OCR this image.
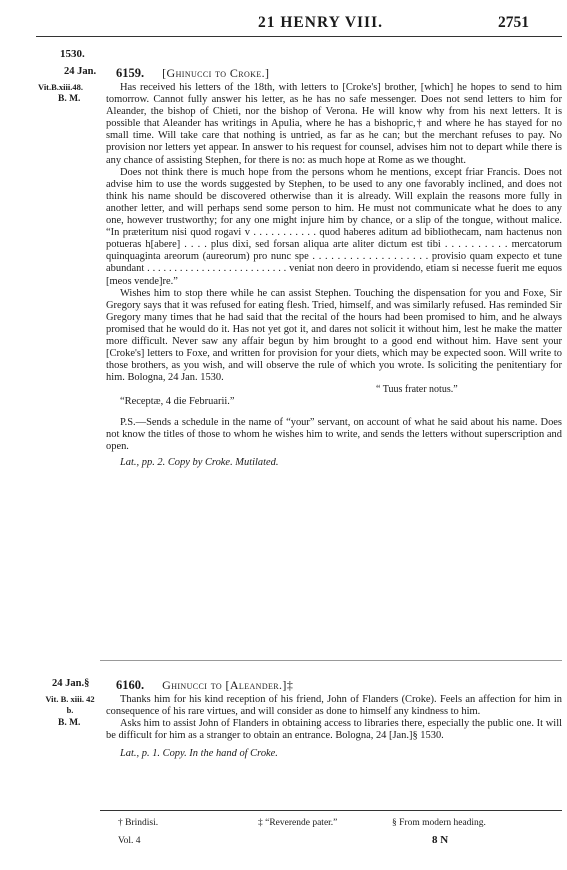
21 HENRY VIII.	2751
1530.
24 Jan.
Vit.B.xiii.48.
B. M.
6159. [Ghinucci to Croke.]

Has received his letters of the 18th, with letters to [Croke's] brother, [which] he hopes to send to him tomorrow. Cannot fully answer his letter, as he has no safe messenger. Does not send letters to him for Aleander, the bishop of Chieti, nor the bishop of Verona. He will know why from his next letters. It is possible that Aleander has writings in Apulia, where he has a bishopric,† and where he has stayed for no small time. Will take care that nothing is untried, as far as he can; but the merchant refuses to pay. No provision nor letters yet appear. In answer to his request for counsel, advises him not to depart while there is any chance of assisting Stephen, for there is no: as much hope at Rome as we thought.

Does not think there is much hope from the persons whom he mentions, except friar Francis. Does not advise him to use the words suggested by Stephen, to be used to any one favorably inclined, and does not think his name should be discovered otherwise than it is already. Will explain the reasons more fully in another letter, and will perhaps send some person to him. He must not communicate what he does to any one, however trustworthy; for any one might injure him by chance, or a slip of the tongue, without malice. “In præteritum nisi quod rogavi v . . . . . . . . . . . quod haberes aditum ad bibliothecam, nam hactenus non potueras h[abere] . . . . plus dixi, sed forsan aliqua arte aliter dictum est tibi . . . . . . . . . . mercatorum quinquaginta areorum (aureorum) pro nunc spe . . . . . . . . . . . . . . . . . . . provisio quam expecto et tune abundant . . . . . . . . . . . . . . . . . . . . . . . . . . veniat non deero in providendo, etiam si necesse fuerit me equos [meos vende]re.”

Wishes him to stop there while he can assist Stephen. Touching the dispensation for you and Foxe, Sir Gregory says that it was refused for eating flesh. Tried, himself, and was similarly refused. Has reminded Sir Gregory many times that he had said that the recital of the hours had been promised to him, and he always promised that he would do it. Has not yet got it, and dares not solicit it without him, lest he make the matter more difficult. Never saw any affair begun by him brought to a good end without him. Have sent your [Croke's] letters to Foxe, and written for provision for your diets, which may be expected soon. Will write to those brothers, as you wish, and will observe the rule of which you wrote. Is soliciting the penitentiary for him. Bologna, 24 Jan. 1530.

“ Tuus frater notus.”

“Receptæ, 4 die Februarii.”

P.S.—Sends a schedule in the name of “your” servant, on account of what he said about his name. Does not know the titles of those to whom he wishes him to write, and sends the letters without superscription and open.

Lat., pp. 2. Copy by Croke. Mutilated.

24 Jan.§
Vit. B. xiii. 42 b.
B. M.
6160. Ghinucci to [Aleander.]‡

Thanks him for his kind reception of his friend, John of Flanders (Croke). Feels an affection for him in consequence of his rare virtues, and will consider as done to himself any kindness to him.

Asks him to assist John of Flanders in obtaining access to libraries there, especially the public one. It will be difficult for him as a stranger to obtain an entrance. Bologna, 24 [Jan.]§ 1530.

Lat., p. 1. Copy. In the hand of Croke.

† Brindisi.	‡ “Reverende pater.”	§ From modern heading.
Vol. 4	8 N
